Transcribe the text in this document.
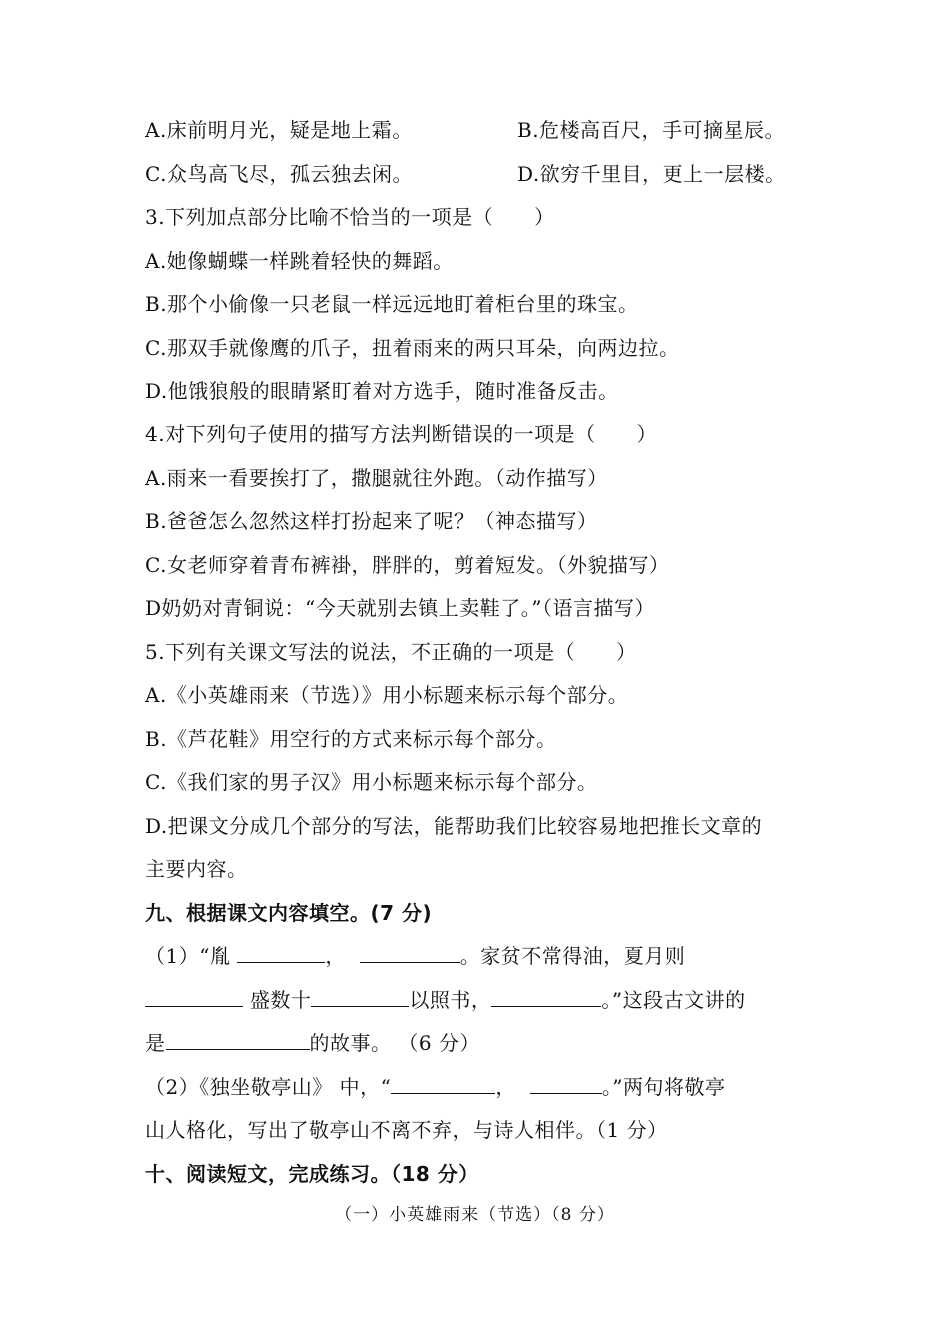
A.床前明月光，疑是地上霜。	B.危楼高百尺，手可摘星辰。
C.众鸟高飞尽，孤云独去闲。	D.欲穷千里目，更上一层楼。
3.下列加点部分比喻不恰当的一项是（　　）
A.她像蝴蝶一样跳着轻快的舞蹈。
B.那个小偷像一只老鼠一样远远地盯着柜台里的珠宝。
C.那双手就像鹰的爪子，扭着雨来的两只耳朵，向两边拉。
D.他饿狼般的眼睛紧盯着对方选手，随时准备反击。
4.对下列句子使用的描写方法判断错误的一项是（　　）
A.雨来一看要挨打了，撒腿就往外跑。（动作描写）
B.爸爸怎么忽然这样打扮起来了呢？（神态描写）
C.女老师穿着青布裤褂，胖胖的，剪着短发。（外貌描写）
D奶奶对青铜说：“今天就别去镇上卖鞋了。”（语言描写）
5.下列有关课文写法的说法，不正确的一项是（　　）
A.《小英雄雨来（节选）》用小标题来标示每个部分。
B.《芦花鞋》用空行的方式来标示每个部分。
C.《我们家的男子汉》用小标题来标示每个部分。
D.把课文分成几个部分的写法，能帮助我们比较容易地把推长文章的
主要内容。
九、根据课文内容填空。(7 分)
（1）“胤	，	。家贫不常得油，夏月则
盛数十	以照书，	。”这段古文讲的
是	的故事。 （6 分）
（2）《独坐敬亭山》 中，“	，	。”两句将敬亭
山人格化，写出了敬亭山不离不弃，与诗人相伴。（1 分）
十、阅读短文，完成练习。（18 分）
（一）小英雄雨来（节选）（8 分）
